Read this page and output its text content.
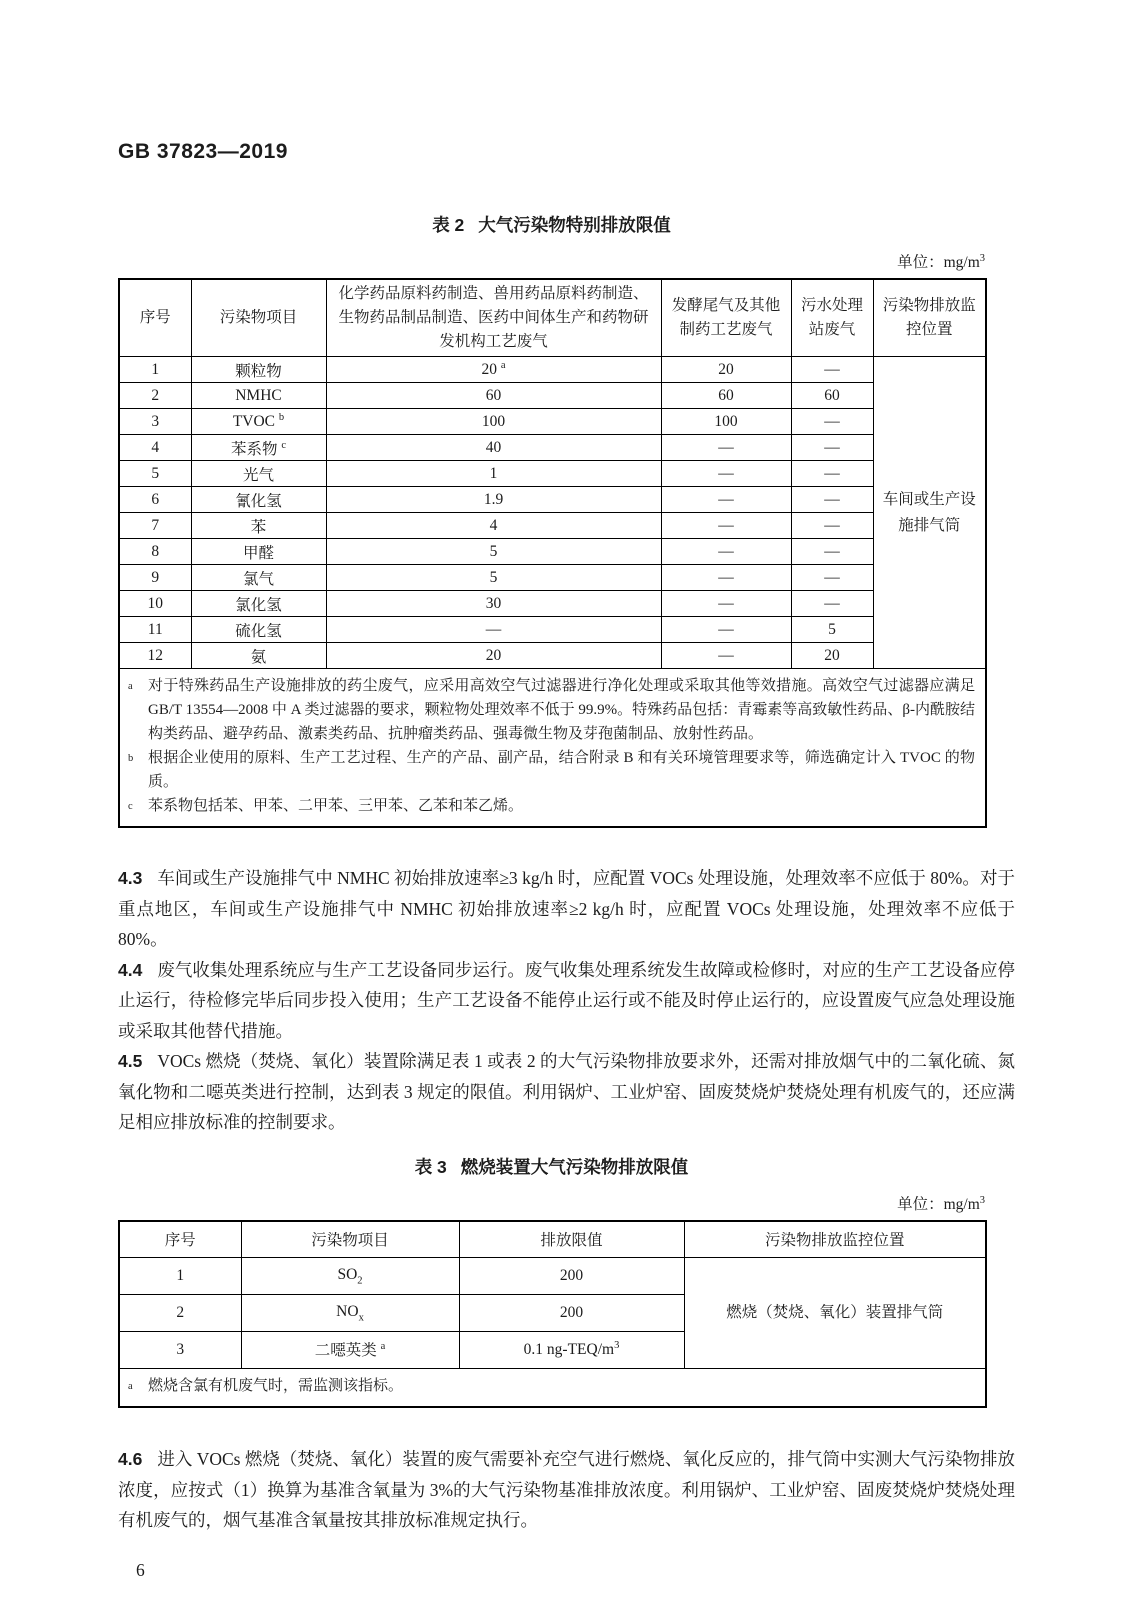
GB 37823—2019
表 2 大气污染物特别排放限值
单位：$mg/m^3$
序号	污染物项目	化学药品原料药制造、兽用药品原料药制造、生物药品制品制造、医药中间体生产和药物研发机构工艺废气	发酵尾气及其他制药工艺废气	污水处理站废气	污染物排放监控位置
1	颗粒物	20 $^a$	20	—	车间或生产设施排气筒
2	NMHC	60	60	60	
3	TVOC $^b$	100	100	—	
4	苯系物 $^c$	40	—	—	
5	光气	1	—	—	
6	氰化氢	1.9	—	—	
7	苯	4	—	—	
8	甲醛	5	—	—	
9	氯气	5	—	—	
10	氯化氢	30	—	—	
11	硫化氢	—	—	5	
12	氨	20	—	20	

a	对于特殊药品生产设施排放的药尘废气，应采用高效空气过滤器进行净化处理或采取其他等效措施。高效空气过滤器应满足 GB/T 13554—2008 中 A 类过滤器的要求，颗粒物处理效率不低于 99.9%。特殊药品包括：青霉素等高致敏性药品、β-内酰胺结构类药品、避孕药品、激素类药品、抗肿瘤类药品、强毒微生物及芽孢菌制品、放射性药品。
b 根据企业使用的原料、生产工艺过程、生产的产品、副产品，结合附录 B 和有关环境管理要求等，筛选确定计入 TVOC 的物质。
c	苯系物包括苯、甲苯、二甲苯、三甲苯、乙苯和苯乙烯。

4.3 车间或生产设施排气中 NMHC 初始排放速率≥3 kg/h 时，应配置 VOCs 处理设施，处理效率不应低于 80%。对于重点地区，车间或生产设施排气中 NMHC 初始排放速率≥2 kg/h 时，应配置 VOCs 处理设施，处理效率不应低于 80%。

4.4 废气收集处理系统应与生产工艺设备同步运行。废气收集处理系统发生故障或检修时，对应的生产工艺设备应停止运行，待检修完毕后同步投入使用；生产工艺设备不能停止运行或不能及时停止运行的，应设置废气应急处理设施或采取其他替代措施。

4.5 VOCs 燃烧（焚烧、氧化）装置除满足表 1 或表 2 的大气污染物排放要求外，还需对排放烟气中的二氧化硫、氮氧化物和二噁英类进行控制，达到表 3 规定的限值。利用锅炉、工业炉窑、固废焚烧炉焚烧处理有机废气的，还应满足相应排放标准的控制要求。

表 3 燃烧装置大气污染物排放限值
单位：$mg/m^3$
序号	污染物项目	排放限值	污染物排放监控位置
1	$SO_2$	200	燃烧（焚烧、氧化）装置排气筒
2	$NO_x$	200	
3	二噁英类 $^a$	0.1 $ng-TEQ/m^3$

a 燃烧含氯有机废气时，需监测该指标。			

4.6 进入 VOCs 燃烧（焚烧、氧化）装置的废气需要补充空气进行燃烧、氧化反应的，排气筒中实测大气污染物排放浓度，应按式（1）换算为基准含氧量为 3%的大气污染物基准排放浓度。利用锅炉、工业炉窑、固废焚烧炉焚烧处理有机废气的，烟气基准含氧量按其排放标准规定执行。

6
